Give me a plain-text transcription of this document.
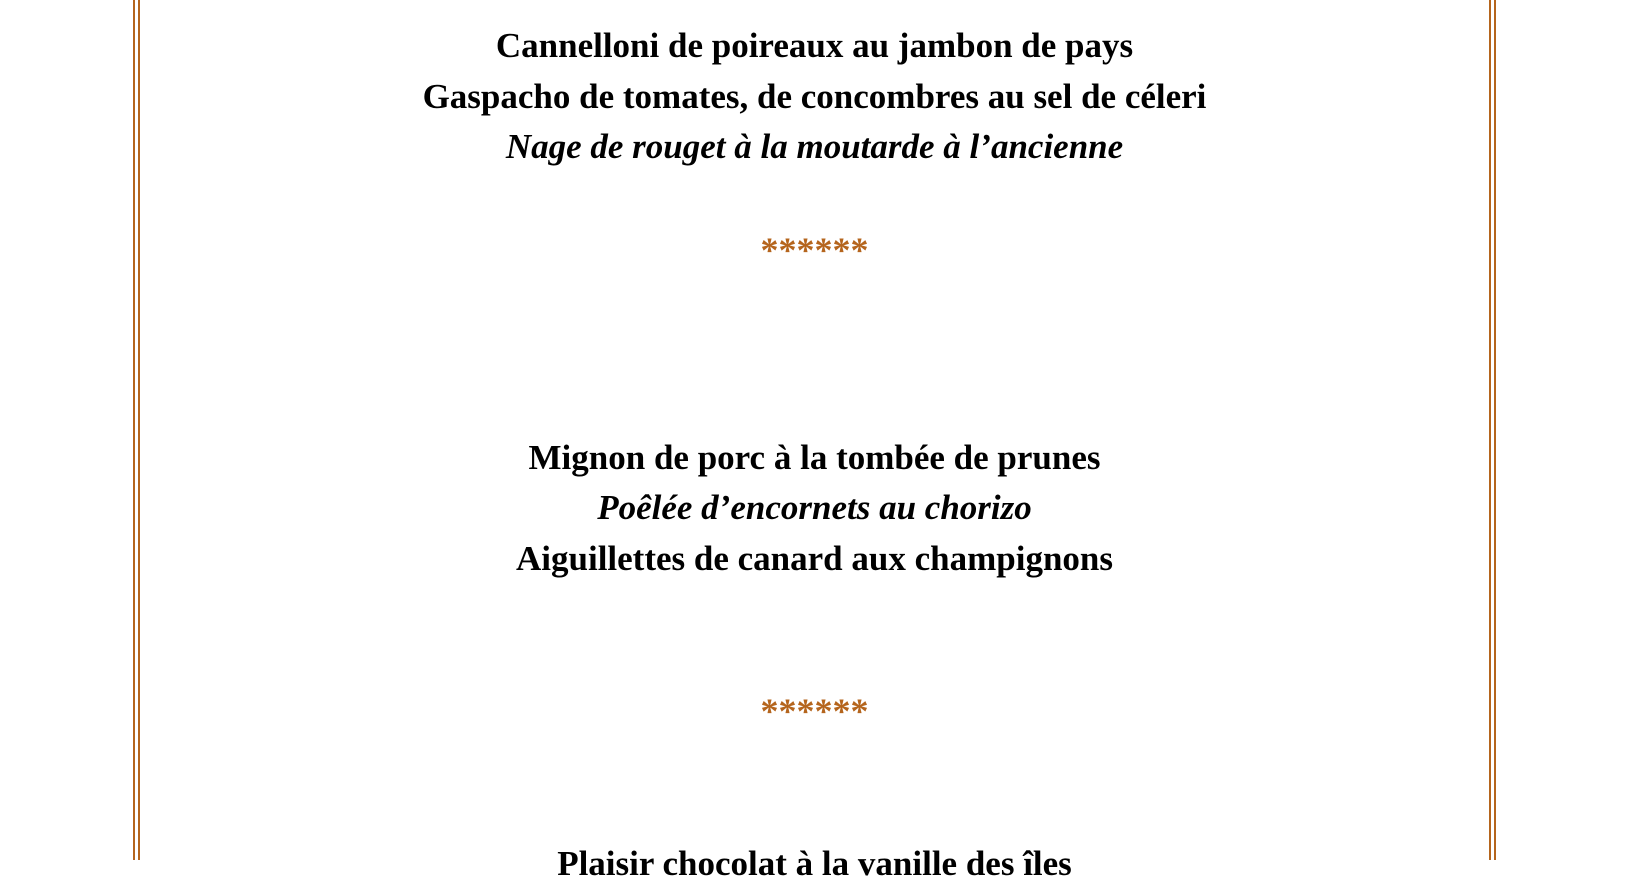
Cannelloni de poireaux au jambon de pays
Gaspacho de tomates, de concombres au sel de céleri
Nage de rouget à la moutarde à l’ancienne
******
Mignon de porc à la tombée de prunes
Poêlée d’encornets au chorizo
Aiguillettes de canard aux champignons
******
Plaisir chocolat à la vanille des îles
